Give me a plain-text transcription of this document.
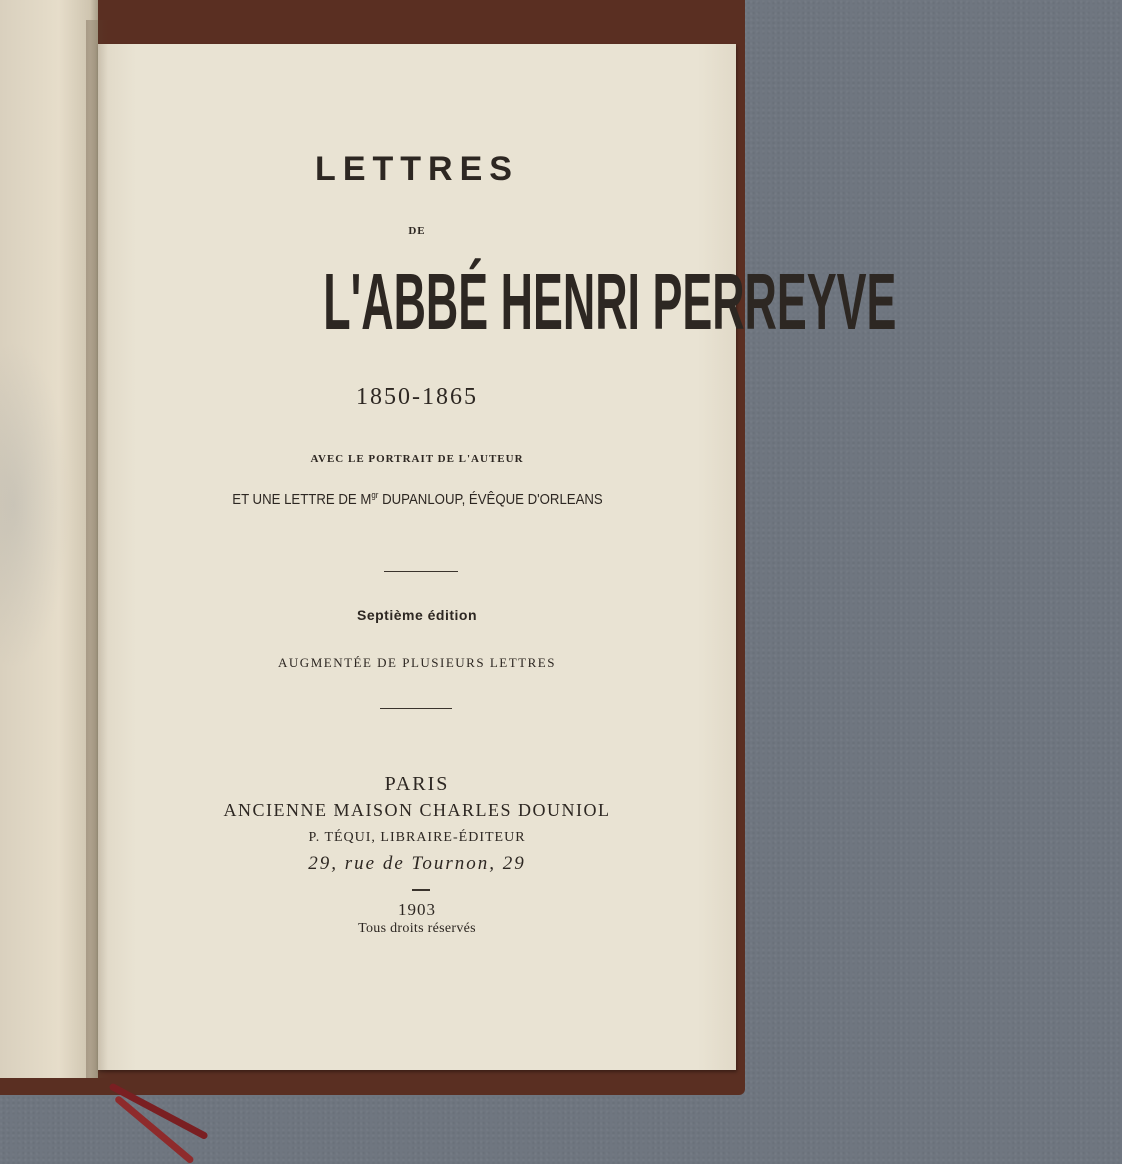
LETTRES
DE
L'ABBÉ HENRI PERREYVE
1850-1865
AVEC LE PORTRAIT DE L'AUTEUR
ET UNE LETTRE DE $M^{gr}$ DUPANLOUP, ÉVÊQUE D'ORLEANS
Septième édition
AUGMENTÉE DE PLUSIEURS LETTRES
PARIS
ANCIENNE MAISON CHARLES DOUNIOL
P. TÉQUI, LIBRAIRE-ÉDITEUR
29, rue de Tournon, 29
1903
Tous droits réservés
